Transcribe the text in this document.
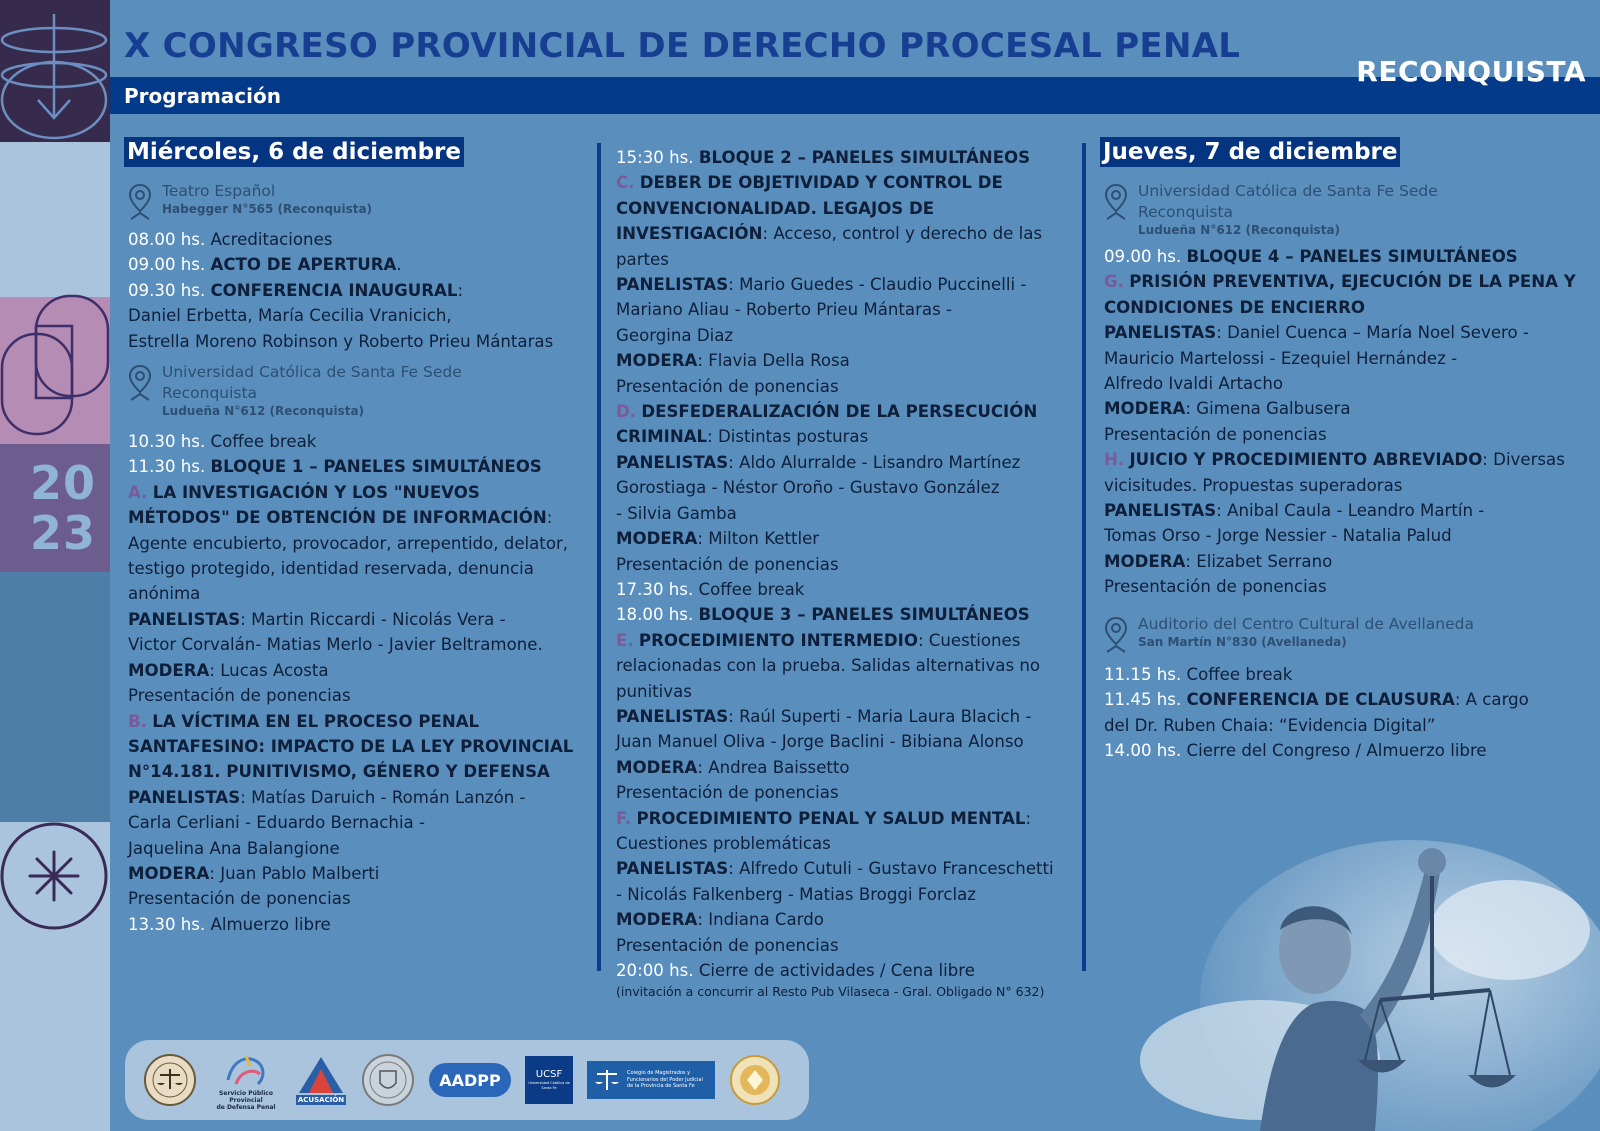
20
23
X CONGRESO PROVINCIAL DE DERECHO PROCESAL PENAL
Programación
RECONQUISTA
Miércoles, 6 de diciembre
Teatro Español
Habegger N°565 (Reconquista)
08.00 hs. Acreditaciones
09.00 hs. ACTO DE APERTURA.
09.30 hs. CONFERENCIA INAUGURAL:
Daniel Erbetta, María Cecilia Vranicich,
Estrella Moreno Robinson y Roberto Prieu Mántaras
Universidad Católica de Santa Fe Sede
Reconquista
Ludueña N°612 (Reconquista)
10.30 hs. Coffee break
11.30 hs. BLOQUE 1 – PANELES SIMULTÁNEOS
A. LA INVESTIGACIÓN Y LOS "NUEVOS
MÉTODOS" DE OBTENCIÓN DE INFORMACIÓN:
Agente encubierto, provocador, arrepentido, delator,
testigo protegido, identidad reservada, denuncia
anónima
PANELISTAS: Martin Riccardi - Nicolás Vera -
Victor Corvalán- Matias Merlo - Javier Beltramone.
MODERA: Lucas Acosta
Presentación de ponencias
B. LA VÍCTIMA EN EL PROCESO PENAL
SANTAFESINO: IMPACTO DE LA LEY PROVINCIAL
N°14.181. PUNITIVISMO, GÉNERO Y DEFENSA
PANELISTAS: Matías Daruich - Román Lanzón -
Carla Cerliani - Eduardo Bernachia -
Jaquelina Ana Balangione
MODERA: Juan Pablo Malberti
Presentación de ponencias
13.30 hs. Almuerzo libre
15:30 hs. BLOQUE 2 – PANELES SIMULTÁNEOS
C. DEBER DE OBJETIVIDAD Y CONTROL DE
CONVENCIONALIDAD. LEGAJOS DE
INVESTIGACIÓN: Acceso, control y derecho de las
partes
PANELISTAS: Mario Guedes - Claudio Puccinelli -
Mariano Aliau - Roberto Prieu Mántaras -
Georgina Diaz
MODERA: Flavia Della Rosa
Presentación de ponencias
D. DESFEDERALIZACIÓN DE LA PERSECUCIÓN
CRIMINAL: Distintas posturas
PANELISTAS: Aldo Alurralde - Lisandro Martínez
Gorostiaga - Néstor Oroño - Gustavo González
- Silvia Gamba
MODERA: Milton Kettler
Presentación de ponencias
17.30 hs. Coffee break
18.00 hs. BLOQUE 3 – PANELES SIMULTÁNEOS
E. PROCEDIMIENTO INTERMEDIO: Cuestiones
relacionadas con la prueba. Salidas alternativas no
punitivas
PANELISTAS: Raúl Superti - Maria Laura Blacich -
Juan Manuel Oliva - Jorge Baclini - Bibiana Alonso
MODERA: Andrea Baissetto
Presentación de ponencias
F. PROCEDIMIENTO PENAL Y SALUD MENTAL:
Cuestiones problemáticas
PANELISTAS: Alfredo Cutuli - Gustavo Franceschetti
- Nicolás Falkenberg - Matias Broggi Forclaz
MODERA: Indiana Cardo
Presentación de ponencias
20:00 hs. Cierre de actividades / Cena libre
(invitación a concurrir al Resto Pub Vilaseca - Gral. Obligado N° 632)
Jueves, 7 de diciembre
Universidad Católica de Santa Fe Sede
Reconquista
Ludueña N°612 (Reconquista)
09.00 hs. BLOQUE 4 – PANELES SIMULTÁNEOS
G. PRISIÓN PREVENTIVA, EJECUCIÓN DE LA PENA Y
CONDICIONES DE ENCIERRO
PANELISTAS: Daniel Cuenca – María Noel Severo -
Mauricio Martelossi - Ezequiel Hernández -
Alfredo Ivaldi Artacho
MODERA: Gimena Galbusera
Presentación de ponencias
H. JUICIO Y PROCEDIMIENTO ABREVIADO: Diversas
vicisitudes. Propuestas superadoras
PANELISTAS: Anibal Caula - Leandro Martín -
Tomas Orso - Jorge Nessier - Natalia Palud
MODERA: Elizabet Serrano
Presentación de ponencias
Auditorio del Centro Cultural de Avellaneda
San Martín N°830 (Avellaneda)
11.15 hs. Coffee break
11.45 hs. CONFERENCIA DE CLAUSURA: A cargo
del Dr. Ruben Chaia: “Evidencia Digital”
14.00 hs. Cierre del Congreso / Almuerzo libre
Servicio Público Provincial
de Defensa Penal
ACUSACIÓN
AADPP	UCSF
Universidad Católica de Santa Fe
Colegio de Magistrados y
Funcionarios del Poder Judicial
de la Provincia de Santa Fe
